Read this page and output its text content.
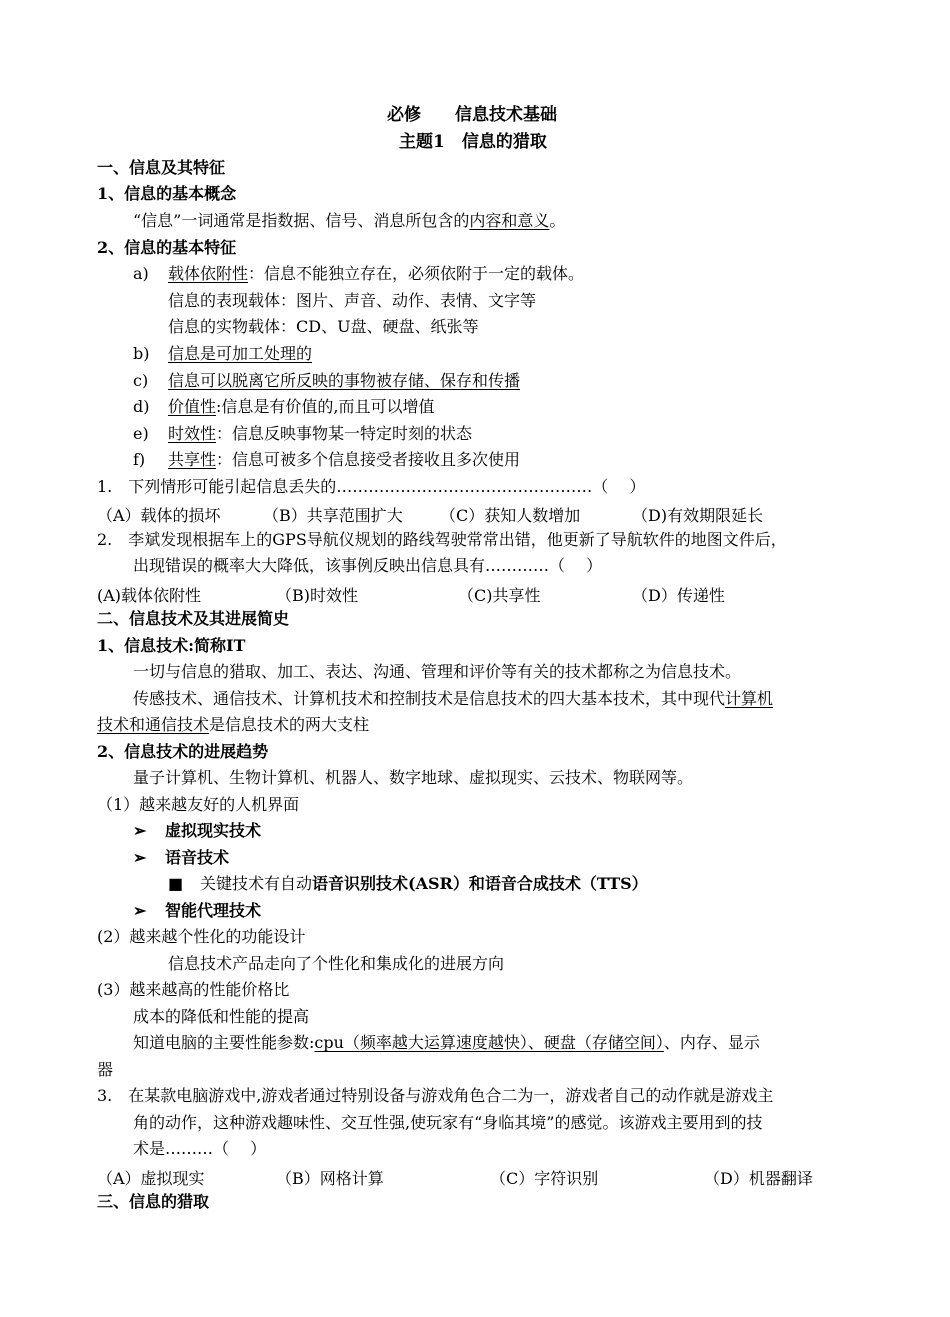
必修　　信息技术基础
主题1　信息的猎取
一、信息及其特征
1、信息的基本概念
“信息”一词通常是指数据、信号、消息所包含的内容和意义。
2、信息的基本特征
a) 载体依附性：信息不能独立存在，必须依附于一定的载体。
信息的表现载体：图片、声音、动作、表情、文字等
信息的实物载体：CD、U盘、硬盘、纸张等
b) 信息是可加工处理的
c) 信息可以脱离它所反映的事物被存储、保存和传播
d) 价值性:信息是有价值的,而且可以增值
e) 时效性：信息反映事物某一特定时刻的状态
f) 共享性：信息可被多个信息接受者接收且多次使用
1.　下列情形可能引起信息丢失的…………………………………………（　 ）
（A）载体的损坏	（B）共享范围扩大 （C）获知人数增加	（D)有效期限延长
2.　李斌发现根据车上的GPS导航仪规划的路线驾驶常常出错，他更新了导航软件的地图文件后，
出现错误的概率大大降低，该事例反映出信息具有…………（　 ）
(A)载体依附性	（B)时效性	（C)共享性	（D）传递性
二、信息技术及其进展简史
1、信息技术:简称IT
一切与信息的猎取、加工、表达、沟通、管理和评价等有关的技术都称之为信息技术。
传感技术、通信技术、计算机技术和控制技术是信息技术的四大基本技术，其中现代计算机
技术和通信技术是信息技术的两大支柱
2、信息技术的进展趋势
量子计算机、生物计算机、机器人、数字地球、虚拟现实、云技术、物联网等。
（1）越来越友好的人机界面
➢ 虚拟现实技术
➢ 语音技术
■ 关键技术有自动语音识别技术(ASR）和语音合成技术（TTS）
➢ 智能代理技术
(2）越来越个性化的功能设计
信息技术产品走向了个性化和集成化的进展方向
(3）越来越高的性能价格比
成本的降低和性能的提高
知道电脑的主要性能参数:cpu（频率越大运算速度越快）、硬盘（存储空间）、内存、显示
器
3.　在某款电脑游戏中,游戏者通过特别设备与游戏角色合二为一，游戏者自己的动作就是游戏主
角的动作，这种游戏趣味性、交互性强,使玩家有“身临其境”的感觉。该游戏主要用到的技
术是………（　 ）
（A）虚拟现实	（B）网格计算	（C）字符识别	（D）机器翻译
三、信息的猎取
